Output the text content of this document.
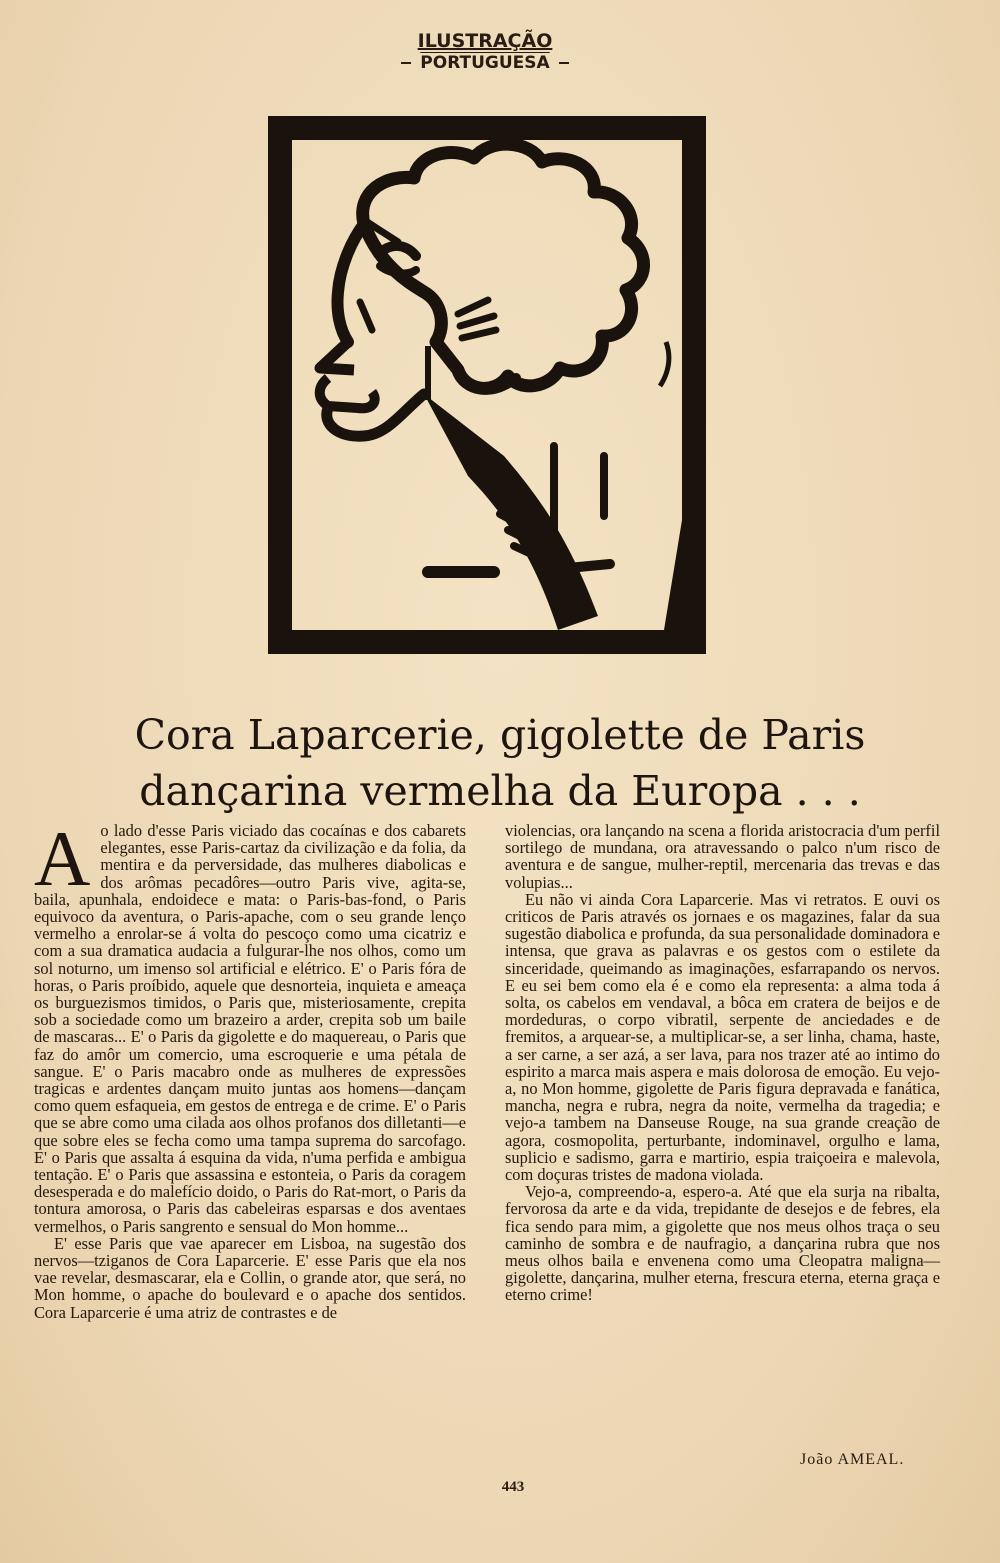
ILUSTRAÇÃO
PORTUGUESA
Cora Laparcerie, gigolette de Paris
dançarina vermelha da Europa . . .
A o lado d'esse Paris viciado das cocaínas e dos cabarets elegantes, esse Paris-cartaz da civilização e da folia, da mentira e da perversidade, das mulheres diabolicas e dos arômas pecadôres—outro Paris vive, agita-se, baila, apunhala, endoidece e mata: o Paris-bas-fond, o Paris equivoco da aventura, o Paris-apache, com o seu grande lenço vermelho a enrolar-se á volta do pescoço como uma cicatriz e com a sua dramatica audacia a fulgurar-lhe nos olhos, como um sol noturno, um imenso sol artificial e elétrico. E' o Paris fóra de horas, o Paris proíbido, aquele que desnorteia, inquieta e ameaça os burguezismos timidos, o Paris que, misteriosamente, crepita sob a sociedade como um brazeiro a arder, crepita sob um baile de mascaras... E' o Paris da gigolette e do maquereau, o Paris que faz do amôr um comercio, uma escroquerie e uma pétala de sangue. E' o Paris macabro onde as mulheres de expressões tragicas e ardentes dançam muito juntas aos homens—dançam como quem esfaqueia, em gestos de entrega e de crime. E' o Paris que se abre como uma cilada aos olhos profanos dos dilletanti—e que sobre eles se fecha como uma tampa suprema do sarcofago. E' o Paris que assalta á esquina da vida, n'uma perfida e ambigua tentação. E' o Paris que assassina e estonteia, o Paris da coragem desesperada e do malefício doido, o Paris do Rat-mort, o Paris da tontura amorosa, o Paris das cabeleiras esparsas e dos aventaes vermelhos, o Paris sangrento e sensual do Mon homme...

E' esse Paris que vae aparecer em Lisboa, na sugestão dos nervos—tziganos de Cora Laparcerie. E' esse Paris que ela nos vae revelar, desmascarar, ela e Collin, o grande ator, que será, no Mon homme, o apache do boulevard e o apache dos sentidos. Cora Laparcerie é uma atriz de contrastes e de

violencias, ora lançando na scena a florida aristocracia d'um perfil sortilego de mundana, ora atravessando o palco n'um risco de aventura e de sangue, mulher-reptil, mercenaria das trevas e das volupias...

Eu não vi ainda Cora Laparcerie. Mas vi retratos. E ouvi os criticos de Paris através os jornaes e os magazines, falar da sua sugestão diabolica e profunda, da sua personalidade dominadora e intensa, que grava as palavras e os gestos com o estilete da sinceridade, queimando as imaginações, esfarrapando os nervos. E eu sei bem como ela é e como ela representa: a alma toda á solta, os cabelos em vendaval, a bôca em cratera de beijos e de mordeduras, o corpo vibratil, serpente de anciedades e de fremitos, a arquear-se, a multiplicar-se, a ser linha, chama, haste, a ser carne, a ser azá, a ser lava, para nos trazer até ao intimo do espirito a marca mais aspera e mais dolorosa de emoção. Eu vejo-a, no Mon homme, gigolette de Paris figura depravada e fanática, mancha, negra e rubra, negra da noite, vermelha da tragedia; e vejo-a tambem na Danseuse Rouge, na sua grande creação de agora, cosmopolita, perturbante, indominavel, orgulho e lama, suplicio e sadismo, garra e martirio, espia traiçoeira e malevola, com doçuras tristes de madona violada.

Vejo-a, compreendo-a, espero-a. Até que ela surja na ribalta, fervorosa da arte e da vida, trepidante de desejos e de febres, ela fica sendo para mim, a gigolette que nos meus olhos traça o seu caminho de sombra e de naufragio, a dançarina rubra que nos meus olhos baila e envenena como uma Cleopatra maligna—gigolette, dançarina, mulher eterna, frescura eterna, eterna graça e eterno crime!

João AMEAL.
443
